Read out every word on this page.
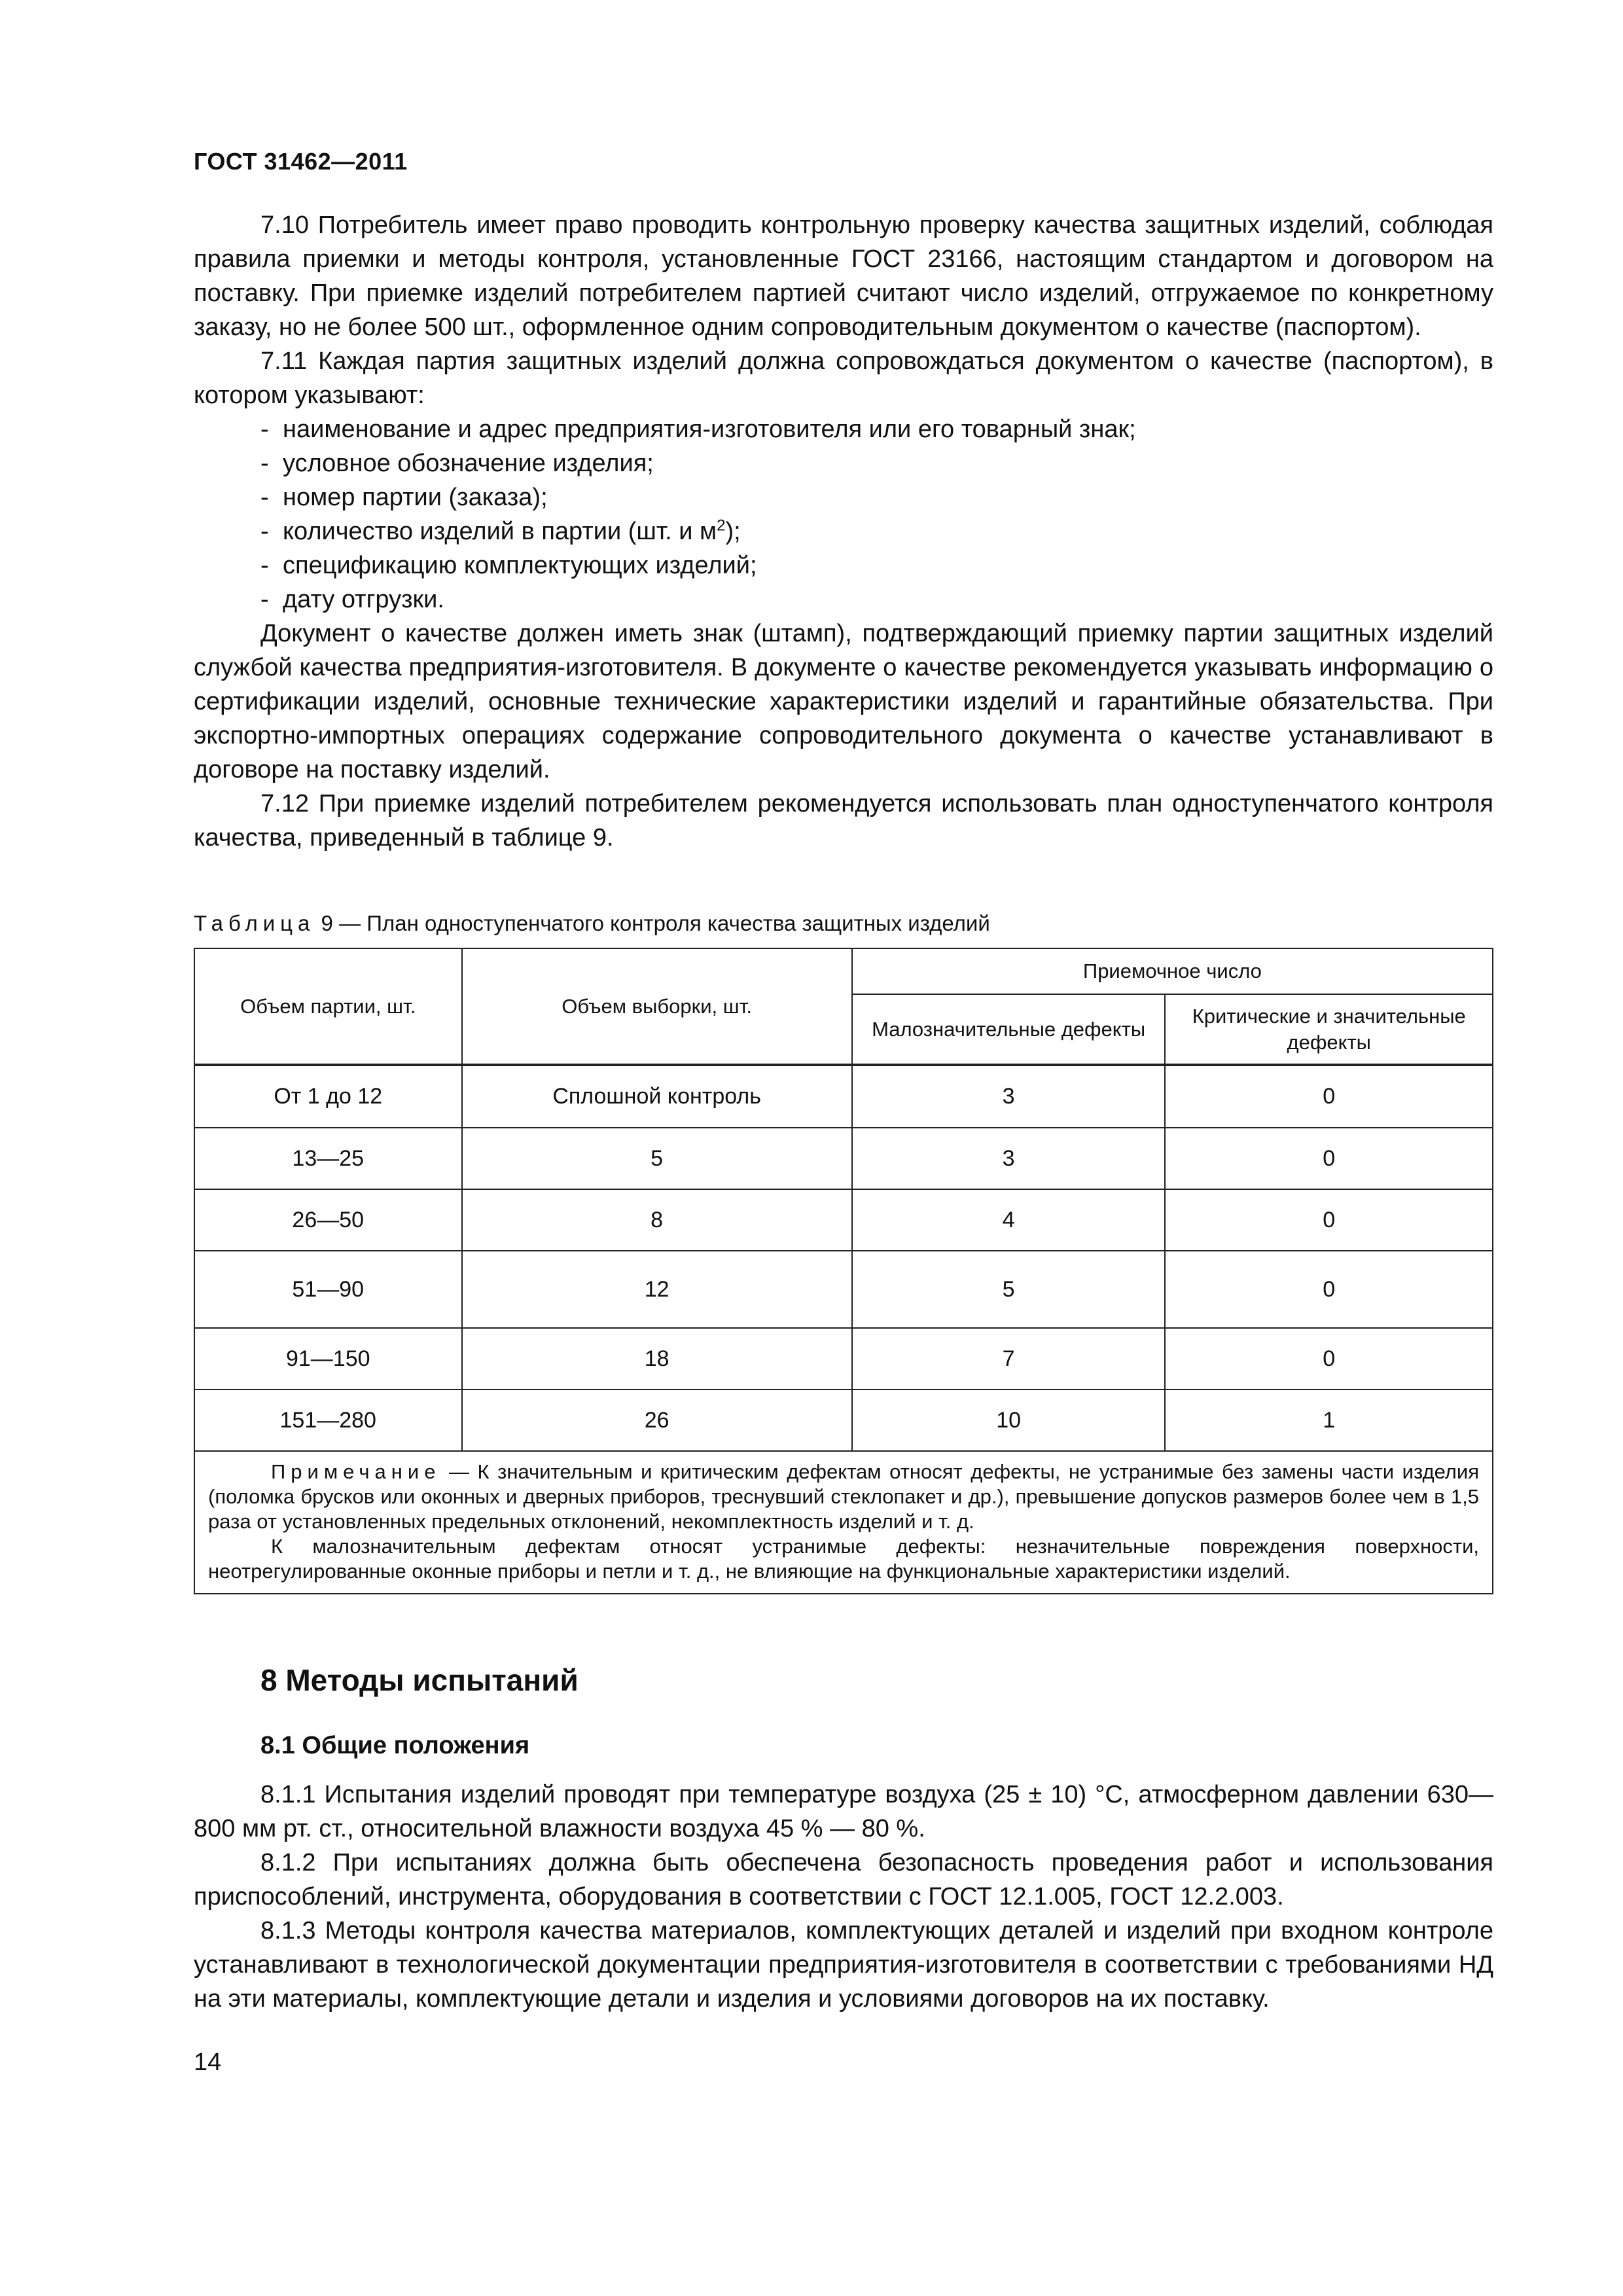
ГОСТ 31462—2011

7.10 Потребитель имеет право проводить контрольную проверку качества защитных изделий, соблюдая правила приемки и методы контроля, установленные ГОСТ 23166, настоящим стандартом и договором на поставку. При приемке изделий потребителем партией считают число изделий, отгружаемое по конкретному заказу, но не более 500 шт., оформленное одним сопроводительным документом о качестве (паспортом).

7.11 Каждая партия защитных изделий должна сопровождаться документом о качестве (паспортом), в котором указывают:

- наименование и адрес предприятия-изготовителя или его товарный знак;
- условное обозначение изделия;
- номер партии (заказа);
- количество изделий в партии (шт. и $м^2$);
- спецификацию комплектующих изделий;
- дату отгрузки.

Документ о качестве должен иметь знак (штамп), подтверждающий приемку партии защитных изделий службой качества предприятия-изготовителя. В документе о качестве рекомендуется указывать информацию о сертификации изделий, основные технические характеристики изделий и гарантийные обязательства. При экспортно-импортных операциях содержание сопроводительного документа о качестве устанавливают в договоре на поставку изделий.

7.12 При приемке изделий потребителем рекомендуется использовать план одноступенчатого контроля качества, приведенный в таблице 9.

Таблица 9 — План одноступенчатого контроля качества защитных изделий
Объем партии, шт.	Объем выборки, шт.	Приемочное число	
		Малозначительные дефекты	Критические и значительные дефекты
От 1 до 12	Сплошной контроль	3	0
13—25	5	3	0
26—50	8	4	0
51—90	12	5	0
91—150	18	7	0
151—280	26	10	1

Примечание — К значительным и критическим дефектам относят дефекты, не устранимые без замены части изделия (поломка брусков или оконных и дверных приборов, треснувший стеклопакет и др.), превышение допусков размеров более чем в 1,5 раза от установленных предельных отклонений, некомплектность изделий и т. д.

К малозначительным дефектам относят устранимые дефекты: незначительные повреждения поверхности, неотрегулированные оконные приборы и петли и т. д., не влияющие на функциональные характеристики изделий.			

8 Методы испытаний
8.1 Общие положения

8.1.1 Испытания изделий проводят при температуре воздуха (25 ± 10) °С, атмосферном давлении 630—800 мм рт. ст., относительной влажности воздуха 45 % — 80 %.

8.1.2 При испытаниях должна быть обеспечена безопасность проведения работ и использования приспособлений, инструмента, оборудования в соответствии с ГОСТ 12.1.005, ГОСТ 12.2.003.

8.1.3 Методы контроля качества материалов, комплектующих деталей и изделий при входном контроле устанавливают в технологической документации предприятия-изготовителя в соответствии с требованиями НД на эти материалы, комплектующие детали и изделия и условиями договоров на их поставку.

14
